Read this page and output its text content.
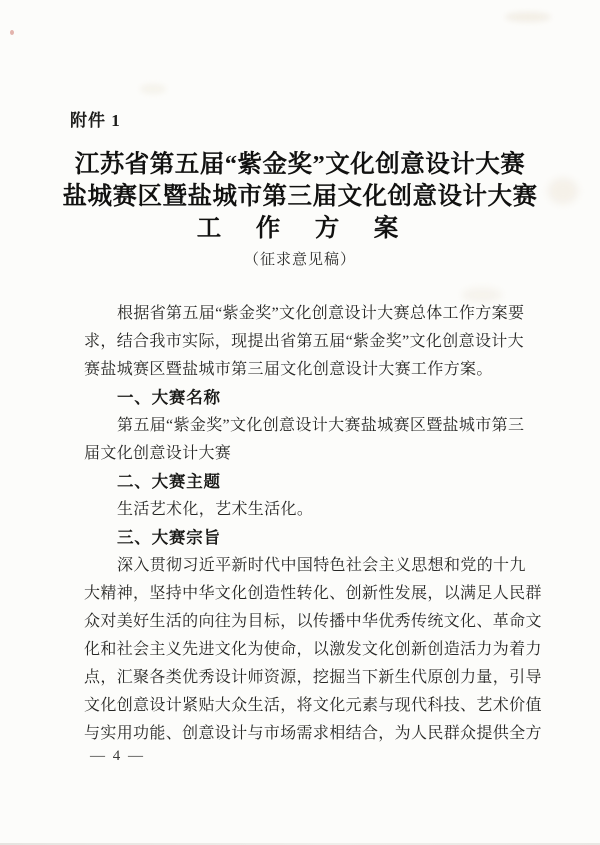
附件 1
江苏省第五届“紫金奖”文化创意设计大赛
盐城赛区暨盐城市第三届文化创意设计大赛
工　作　方　案
（征求意见稿）
根据省第五届“紫金奖”文化创意设计大赛总体工作方案要
求，结合我市实际，现提出省第五届“紫金奖”文化创意设计大
赛盐城赛区暨盐城市第三届文化创意设计大赛工作方案。
一、大赛名称
第五届“紫金奖”文化创意设计大赛盐城赛区暨盐城市第三
届文化创意设计大赛
二、大赛主题
生活艺术化，艺术生活化。
三、大赛宗旨
深入贯彻习近平新时代中国特色社会主义思想和党的十九
大精神，坚持中华文化创造性转化、创新性发展，以满足人民群
众对美好生活的向往为目标，以传播中华优秀传统文化、革命文
化和社会主义先进文化为使命，以激发文化创新创造活力为着力
点，汇聚各类优秀设计师资源，挖掘当下新生代原创力量，引导
文化创意设计紧贴大众生活，将文化元素与现代科技、艺术价值
与实用功能、创意设计与市场需求相结合，为人民群众提供全方
— 4 —
